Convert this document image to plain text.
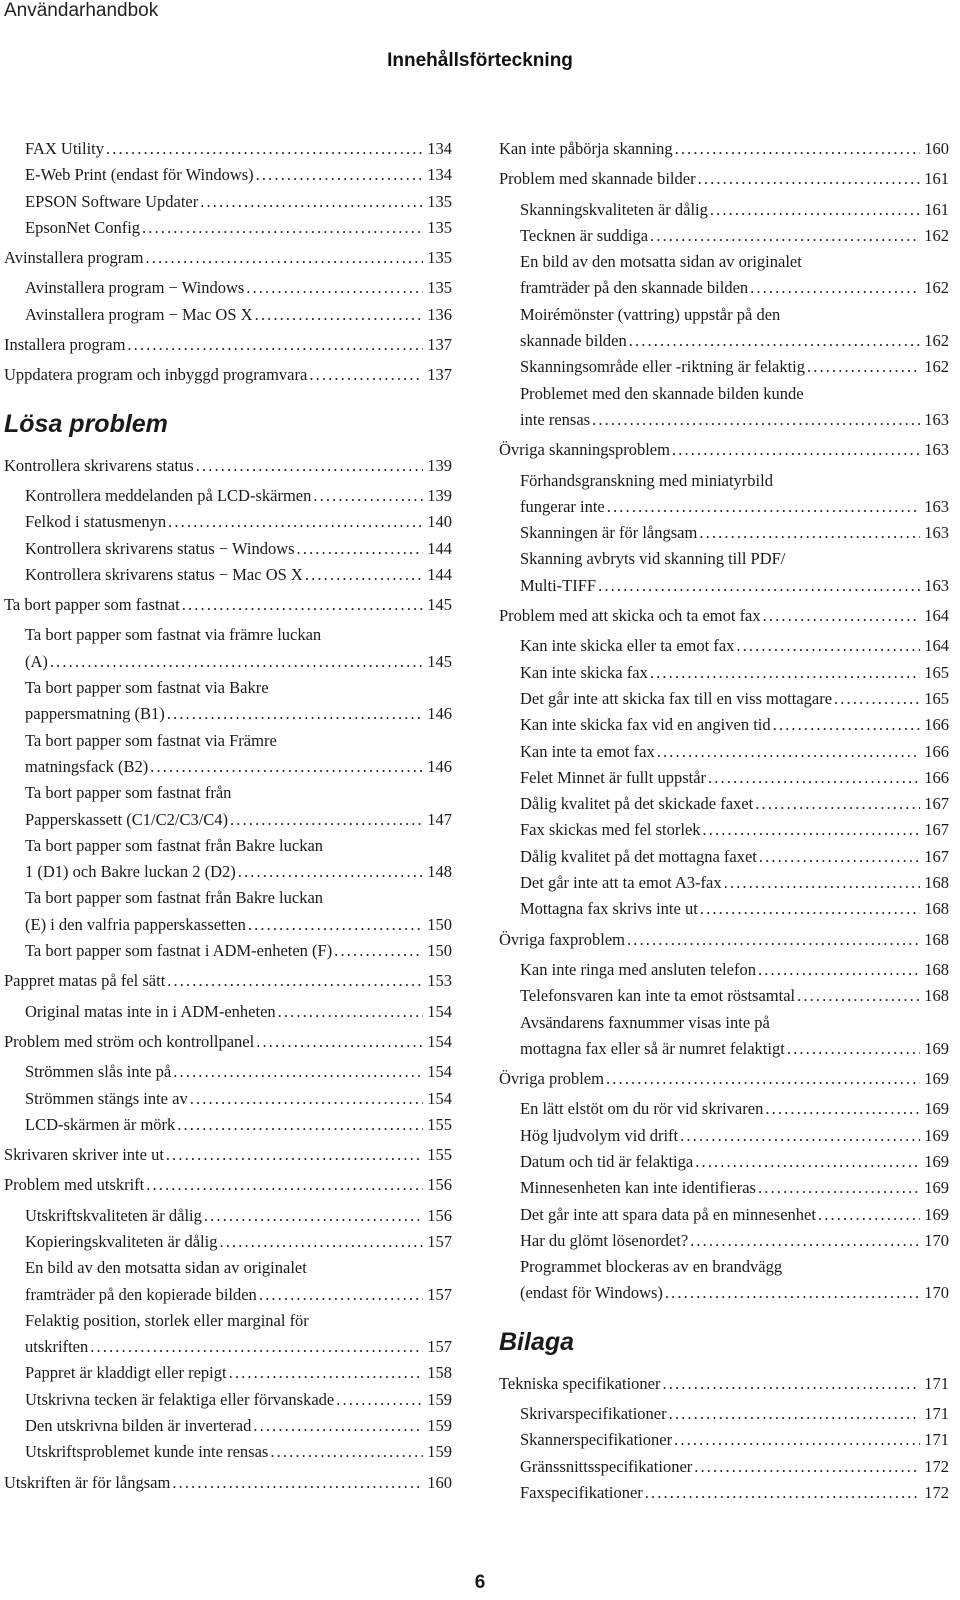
Användarhandbok
Innehållsförteckning
FAX Utility . . .	134
E-Web Print (endast för Windows) . . .	134
EPSON Software Updater . . .	135
EpsonNet Config . . .	135
Avinstallera program . . .	135
Avinstallera program − Windows . . .	135
Avinstallera program − Mac OS X . . .	136
Installera program . . .	137
Uppdatera program och inbyggd programvara . . .	137
Lösa problem
Kontrollera skrivarens status . . .	139
Kontrollera meddelanden på LCD-skärmen . . .	139
Felkod i statusmenyn . . .	140
Kontrollera skrivarens status − Windows . . .	144
Kontrollera skrivarens status − Mac OS X . . .	144
Ta bort papper som fastnat . . .	145
Ta bort papper som fastnat via främre luckan
(A) . . .	145
Ta bort papper som fastnat via Bakre
pappersmatning (B1) . . .	146
Ta bort papper som fastnat via Främre
matningsfack (B2) . . .	146
Ta bort papper som fastnat från
Papperskassett (C1/C2/C3/C4) . . .	147
Ta bort papper som fastnat från Bakre luckan
1 (D1) och Bakre luckan 2 (D2) . . .	148
Ta bort papper som fastnat från Bakre luckan
(E) i den valfria papperskassetten . . .	150
Ta bort papper som fastnat i ADM-enheten (F) . . .	150
Pappret matas på fel sätt . . .	153
Original matas inte in i ADM-enheten . . .	154
Problem med ström och kontrollpanel . . .	154
Strömmen slås inte på . . .	154
Strömmen stängs inte av . . .	154
LCD-skärmen är mörk . . .	155
Skrivaren skriver inte ut . . .	155
Problem med utskrift . . .	156
Utskriftskvaliteten är dålig . . .	156
Kopieringskvaliteten är dålig . . .	157
En bild av den motsatta sidan av originalet
framträder på den kopierade bilden . . .	157
Felaktig position, storlek eller marginal för
utskriften . . .	157
Pappret är kladdigt eller repigt . . .	158
Utskrivna tecken är felaktiga eller förvanskade . . .	159
Den utskrivna bilden är inverterad . . .	159
Utskriftsproblemet kunde inte rensas . . .	159
Utskriften är för långsam . . .	160
Kan inte påbörja skanning . . .	160
Problem med skannade bilder . . .	161
Skanningskvaliteten är dålig . . .	161
Tecknen är suddiga . . .	162
En bild av den motsatta sidan av originalet
framträder på den skannade bilden . . .	162
Moirémönster (vattring) uppstår på den
skannade bilden . . .	162
Skanningsområde eller -riktning är felaktig . . .	162
Problemet med den skannade bilden kunde
inte rensas . . .	163
Övriga skanningsproblem . . .	163
Förhandsgranskning med miniatyrbild
fungerar inte . . .	163
Skanningen är för långsam . . .	163
Skanning avbryts vid skanning till PDF/
Multi-TIFF . . .	163
Problem med att skicka och ta emot fax . . .	164
Kan inte skicka eller ta emot fax . . .	164
Kan inte skicka fax . . .	165
Det går inte att skicka fax till en viss mottagare . . .	165
Kan inte skicka fax vid en angiven tid . . .	166
Kan inte ta emot fax . . .	166
Felet Minnet är fullt uppstår . . .	166
Dålig kvalitet på det skickade faxet . . .	167
Fax skickas med fel storlek . . .	167
Dålig kvalitet på det mottagna faxet . . .	167
Det går inte att ta emot A3-fax . . .	168
Mottagna fax skrivs inte ut . . .	168
Övriga faxproblem . . .	168
Kan inte ringa med ansluten telefon . . .	168
Telefonsvaren kan inte ta emot röstsamtal . . .	168
Avsändarens faxnummer visas inte på
mottagna fax eller så är numret felaktigt . . .	169
Övriga problem . . .	169
En lätt elstöt om du rör vid skrivaren . . .	169
Hög ljudvolym vid drift . . .	169
Datum och tid är felaktiga . . .	169
Minnesenheten kan inte identifieras . . .	169
Det går inte att spara data på en minnesenhet . . .	169
Har du glömt lösenordet? . . .	170
Programmet blockeras av en brandvägg
(endast för Windows) . . .	170
Bilaga
Tekniska specifikationer . . .	171
Skrivarspecifikationer . . .	171
Skannerspecifikationer . . .	171
Gränssnittsspecifikationer . . .	172
Faxspecifikationer . . .	172
6
